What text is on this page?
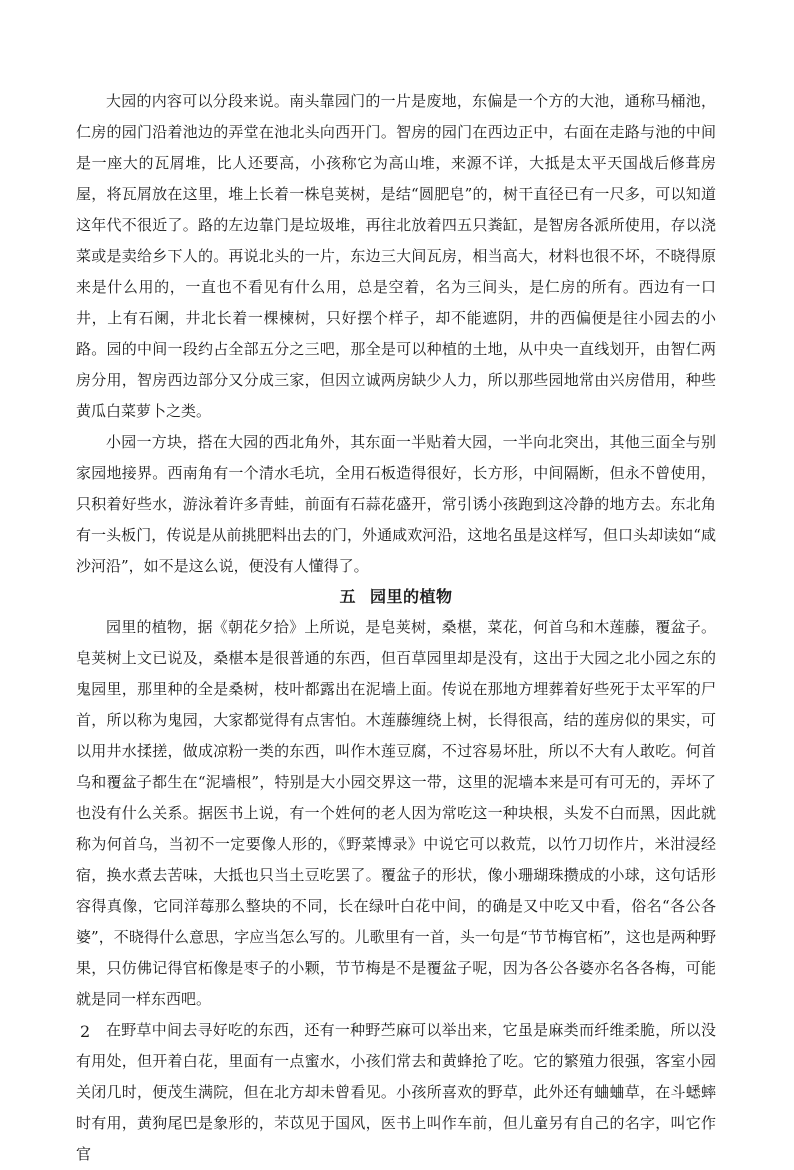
大园的内容可以分段来说。南头靠园门的一片是废地，东偏是一个方的大池，通称马桶池，仁房的园门沿着池边的弄堂在池北头向西开门。智房的园门在西边正中，右面在走路与池的中间是一座大的瓦屑堆，比人还要高，小孩称它为高山堆，来源不详，大抵是太平天国战后修葺房屋，将瓦屑放在这里，堆上长着一株皂荚树，是结“圆肥皂”的，树干直径已有一尺多，可以知道这年代不很近了。路的左边靠门是垃圾堆，再往北放着四五只粪缸，是智房各派所使用，存以浇菜或是卖给乡下人的。再说北头的一片，东边三大间瓦房，相当高大，材料也很不坏，不晓得原来是什么用的，一直也不看见有什么用，总是空着，名为三间头，是仁房的所有。西边有一口井，上有石阑，井北长着一棵楝树，只好摆个样子，却不能遮阴，井的西偏便是往小园去的小路。园的中间一段约占全部五分之三吧，那全是可以种植的土地，从中央一直线划开，由智仁两房分用，智房西边部分又分成三家，但因立诚两房缺少人力，所以那些园地常由兴房借用，种些黄瓜白菜萝卜之类。

小园一方块，搭在大园的西北角外，其东面一半贴着大园，一半向北突出，其他三面全与别家园地接界。西南角有一个清水毛坑，全用石板造得很好，长方形，中间隔断，但永不曾使用，只积着好些水，游泳着许多青蛙，前面有石蒜花盛开，常引诱小孩跑到这冷静的地方去。东北角有一头板门，传说是从前挑肥料出去的门，外通咸欢河沿，这地名虽是这样写，但口头却读如“咸沙河沿”，如不是这么说，便没有人懂得了。

五 园里的植物

园里的植物，据《朝花夕拾》上所说，是皂荚树，桑椹，菜花，何首乌和木莲藤，覆盆子。皂荚树上文已说及，桑椹本是很普通的东西，但百草园里却是没有，这出于大园之北小园之东的鬼园里，那里种的全是桑树，枝叶都露出在泥墙上面。传说在那地方埋葬着好些死于太平军的尸首，所以称为鬼园，大家都觉得有点害怕。木莲藤缠绕上树，长得很高，结的莲房似的果实，可以用井水揉搓，做成凉粉一类的东西，叫作木莲豆腐，不过容易坏肚，所以不大有人敢吃。何首乌和覆盆子都生在“泥墙根”，特别是大小园交界这一带，这里的泥墙本来是可有可无的，弄坏了也没有什么关系。据医书上说，有一个姓何的老人因为常吃这一种块根，头发不白而黑，因此就称为何首乌，当初不一定要像人形的，《野菜博录》中说它可以救荒，以竹刀切作片，米泔浸经宿，换水煮去苦味，大抵也只当土豆吃罢了。覆盆子的形状，像小珊瑚珠攒成的小球，这句话形容得真像，它同洋莓那么整块的不同，长在绿叶白花中间，的确是又中吃又中看，俗名“各公各婆”，不晓得什么意思，字应当怎么写的。儿歌里有一首，头一句是“节节梅官柘”，这也是两种野果，只仿佛记得官柘像是枣子的小颗，节节梅是不是覆盆子呢，因为各公各婆亦名各各梅，可能就是同一样东西吧。

在野草中间去寻好吃的东西，还有一种野苎麻可以举出来，它虽是麻类而纤维柔脆，所以没有用处，但开着白花，里面有一点蜜水，小孩们常去和黄蜂抢了吃。它的繁殖力很强，客室小园关闭几时，便茂生满院，但在北方却未曾看见。小孩所喜欢的野草，此外还有蛐蛐草，在斗蟋蟀时有用，黄狗尾巴是象形的，芣苡见于国风，医书上叫作车前，但儿童另有自己的名字，叫它作官

2
